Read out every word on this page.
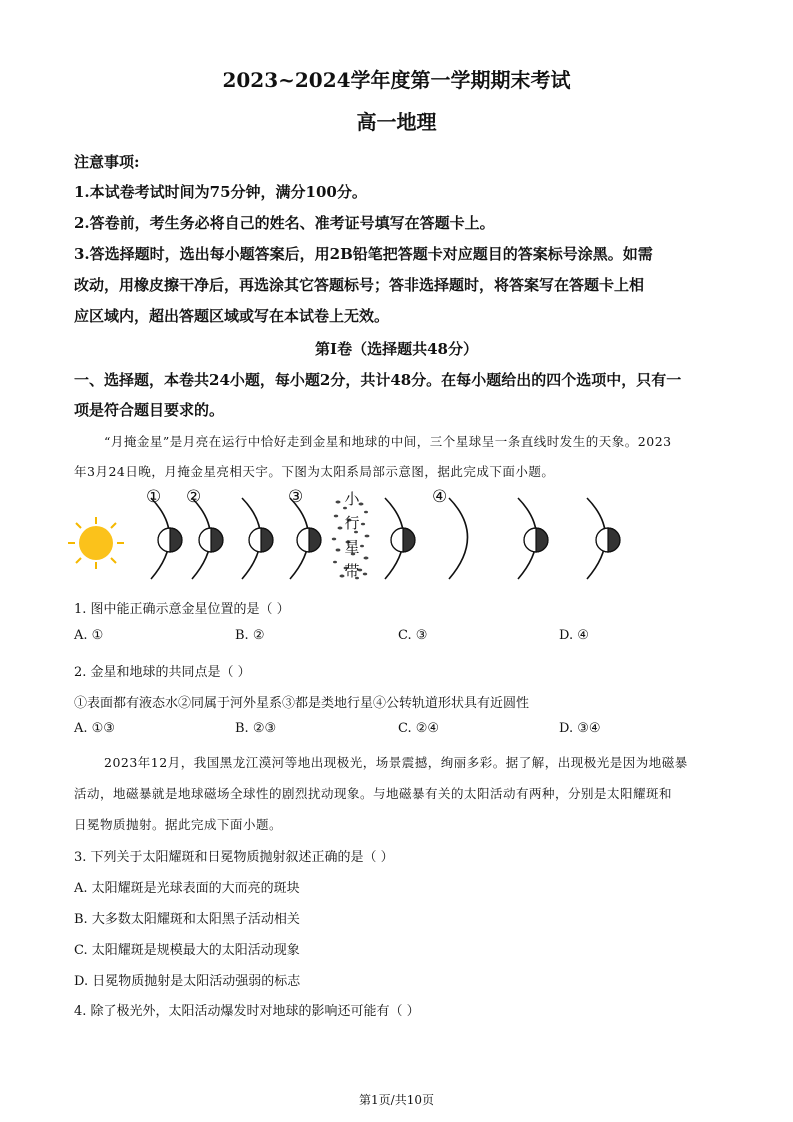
2023~2024学年度第一学期期末考试
高一地理
注意事项:
1.本试卷考试时间为75分钟，满分100分。
2.答卷前，考生务必将自己的姓名、准考证号填写在答题卡上。
3.答选择题时，选出每小题答案后，用2B铅笔把答题卡对应题目的答案标号涂黑。如需
改动，用橡皮擦干净后，再选涂其它答题标号；答非选择题时，将答案写在答题卡上相
应区域内，超出答题区域或写在本试卷上无效。
第Ⅰ卷（选择题共48分）
一、选择题，本卷共24小题，每小题2分，共计48分。在每小题给出的四个选项中，只有一
项是符合题目要求的。
“月掩金星”是月亮在运行中恰好走到金星和地球的中间，三个星球呈一条直线时发生的天象。2023
年3月24日晚，月掩金星亮相天宇。下图为太阳系局部示意图，据此完成下面小题。
小
行
星
带
① ②	③	④
1. 图中能正确示意金星位置的是（ ）
A. ①	B. ②	C. ③	D. ④
2. 金星和地球的共同点是（ ）
①表面都有液态水②同属于河外星系③都是类地行星④公转轨道形状具有近圆性
A. ①③	B. ②③	C. ②④	D. ③④
2023年12月，我国黑龙江漠河等地出现极光，场景震撼，绚丽多彩。据了解，出现极光是因为地磁暴
活动，地磁暴就是地球磁场全球性的剧烈扰动现象。与地磁暴有关的太阳活动有两种，分别是太阳耀斑和
日冕物质抛射。据此完成下面小题。
3. 下列关于太阳耀斑和日冕物质抛射叙述正确的是（ ）
A. 太阳耀斑是光球表面的大而亮的斑块
B. 大多数太阳耀斑和太阳黑子活动相关
C. 太阳耀斑是规模最大的太阳活动现象
D. 日冕物质抛射是太阳活动强弱的标志
4. 除了极光外，太阳活动爆发时对地球的影响还可能有（ ）
第1页/共10页
